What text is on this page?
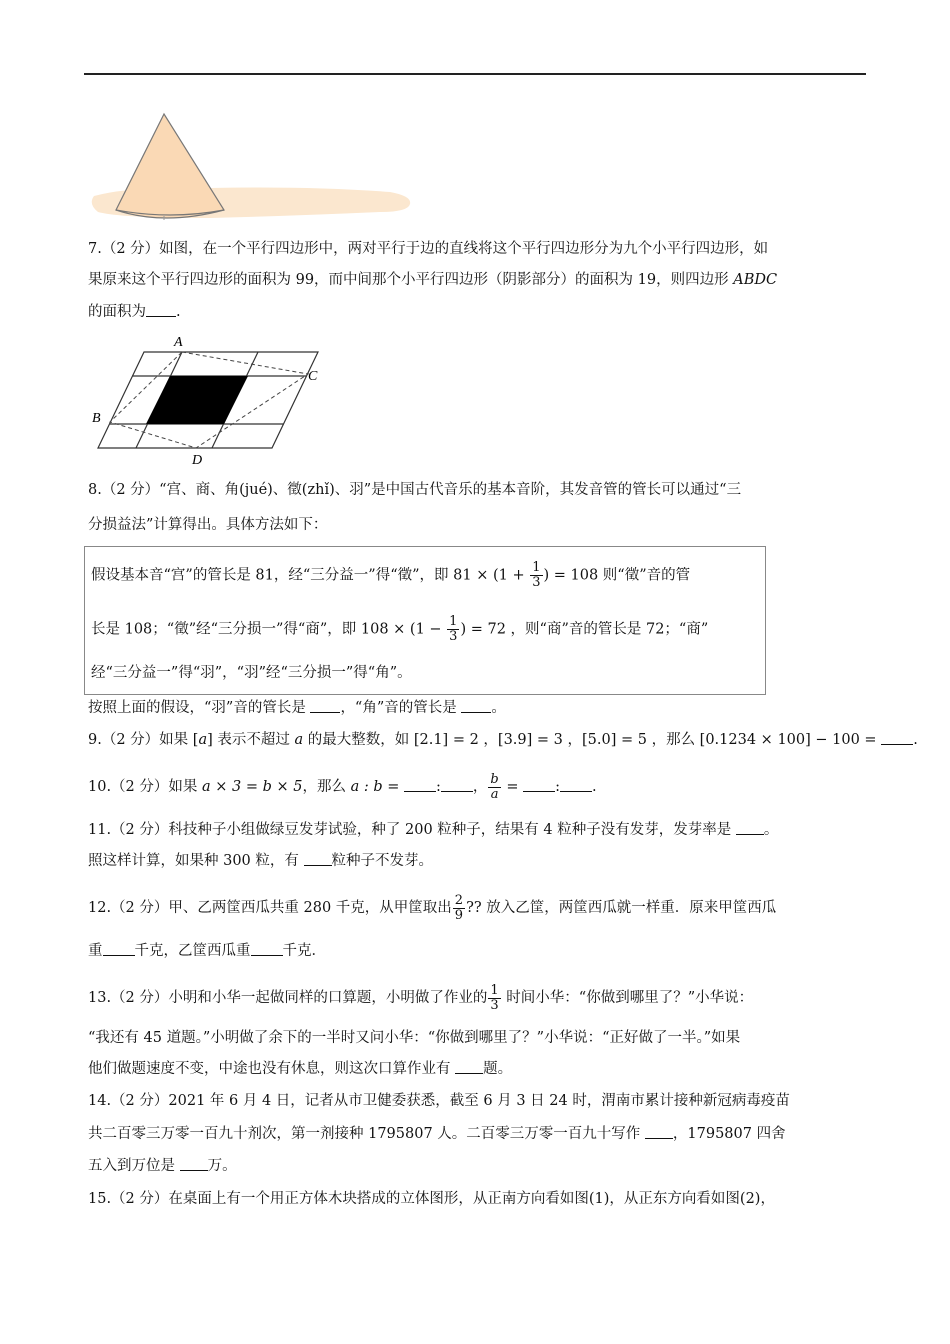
7.（2 分）如图，在一个平行四边形中，两对平行于边的直线将这个平行四边形分为九个小平行四边形，如
果原来这个平行四边形的面积为 99，而中间那个小平行四边形（阴影部分）的面积为 19，则四边形 ABDC
的面积为 .
A
C
B
D
8.（2 分）“宫、商、角(jué)、徵(zhǐ)、羽”是中国古代音乐的基本音阶，其发音管的管长可以通过“三
分损益法”计算得出。具体方法如下：
假设基本音“宫”的管长是 81，经“三分益一”得“徵”，即 $81 \times (1 + \frac{1}{3}$ ) = 108 则“徵”音的管
长是 108；“徵”经“三分损一”得“商”，即 $108 \times (1 - \frac{1}{3}$ ) = 72 ，则“商”音的管长是 72；“商”
经“三分益一”得“羽”，“羽”经“三分损一”得“角”。
按照上面的假设，“羽”音的管长是 ，“角”音的管长是 。
9.（2 分）如果 [a] 表示不超过 a 的最大整数，如 [2.1] = 2 ，[3.9] = 3 ，[5.0] = 5 ，那么 [0.1234 × 100] − 100 = .
10.（2 分）如果 a × 3 = b × 5，那么 a : b = : ， $\frac{b}{a}$ = : .
11.（2 分）科技种子小组做绿豆发芽试验，种了 200 粒种子，结果有 4 粒种子没有发芽，发芽率是 。
照这样计算，如果种 300 粒，有 粒种子不发芽。
12.（2 分）甲、乙两筐西瓜共重 280 千克，从甲筐取出 $\frac{2}{9}$ ?? 放入乙筐，两筐西瓜就一样重．原来甲筐西瓜
重 千克，乙筐西瓜重 千克．
13.（2 分）小明和小华一起做同样的口算题，小明做了作业的 $\frac{1}{3}$ 时间小华：“你做到哪里了？”小华说：
“我还有 45 道题。”小明做了余下的一半时又问小华：“你做到哪里了？”小华说：“正好做了一半。”如果
他们做题速度不变，中途也没有休息，则这次口算作业有 题。
14.（2 分）2021 年 6 月 4 日，记者从市卫健委获悉，截至 6 月 3 日 24 时，渭南市累计接种新冠病毒疫苗
共二百零三万零一百九十剂次，第一剂接种 1795807 人。二百零三万零一百九十写作 ，1795807 四舍
五入到万位是 万。
15.（2 分）在桌面上有一个用正方体木块搭成的立体图形，从正南方向看如图(1)，从正东方向看如图(2)，
